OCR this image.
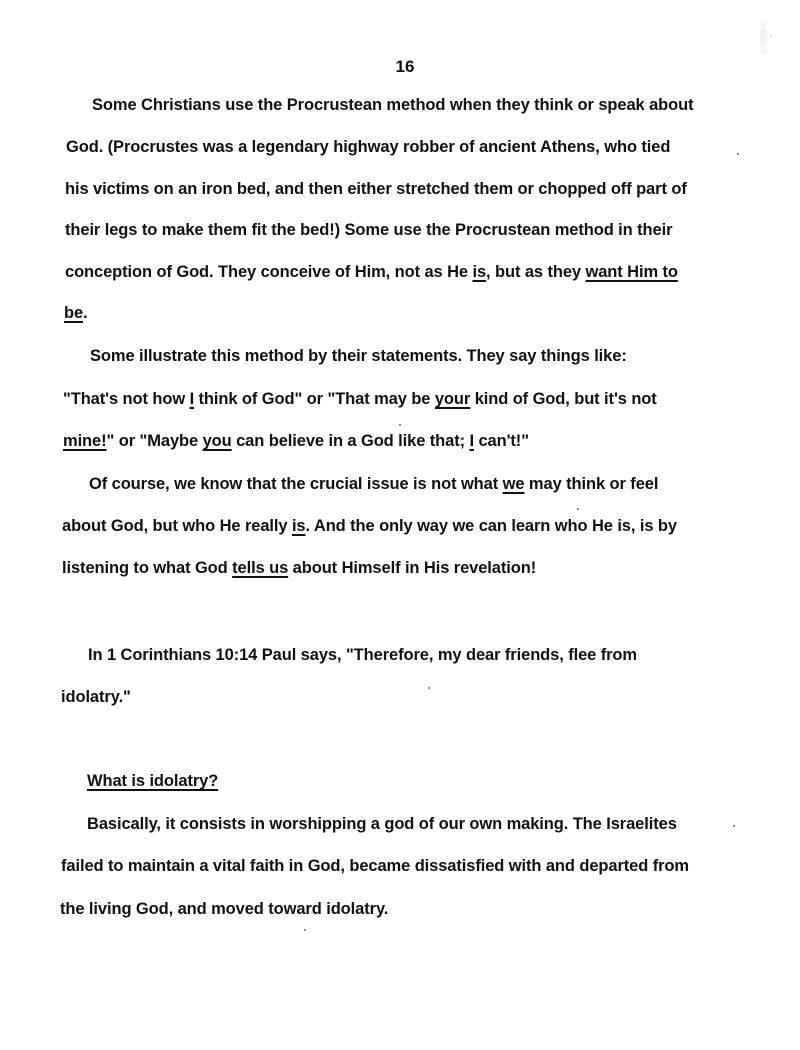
16
░
▒ ·
░
Some Christians use the Procrustean method when they think or speak about
God. (Procrustes was a legendary highway robber of ancient Athens, who tied
his victims on an iron bed, and then either stretched them or chopped off part of
their legs to make them fit the bed!) Some use the Procrustean method in their
conception of God. They conceive of Him, not as He is, but as they want Him to
be.
Some illustrate this method by their statements. They say things like:
"That's not how I think of God" or "That may be your kind of God, but it's not
mine!" or "Maybe you can believe in a God like that; I can't!"
Of course, we know that the crucial issue is not what we may think or feel
about God, but who He really is. And the only way we can learn who He is, is by
listening to what God tells us about Himself in His revelation!
In 1 Corinthians 10:14 Paul says, "Therefore, my dear friends, flee from
idolatry."
What is idolatry?
Basically, it consists in worshipping a god of our own making. The Israelites
failed to maintain a vital faith in God, became dissatisfied with and departed from
the living God, and moved toward idolatry.
